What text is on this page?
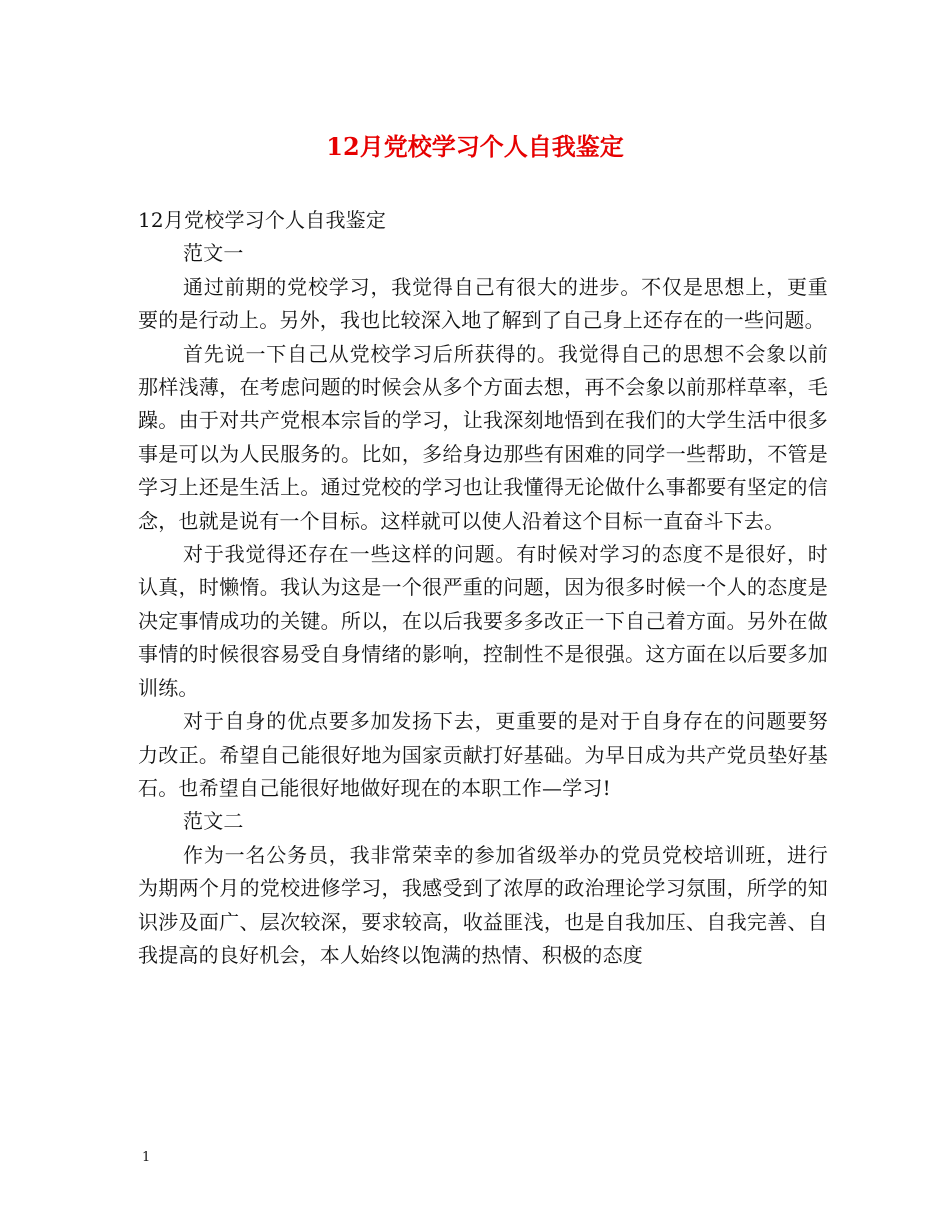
12月党校学习个人自我鉴定

12月党校学习个人自我鉴定

范文一

通过前期的党校学习，我觉得自己有很大的进步。不仅是思想上，更重要的是行动上。另外，我也比较深入地了解到了自己身上还存在的一些问题。

首先说一下自己从党校学习后所获得的。我觉得自己的思想不会象以前那样浅薄，在考虑问题的时候会从多个方面去想，再不会象以前那样草率，毛躁。由于对共产党根本宗旨的学习，让我深刻地悟到在我们的大学生活中很多事是可以为人民服务的。比如，多给身边那些有困难的同学一些帮助，不管是学习上还是生活上。通过党校的学习也让我懂得无论做什么事都要有坚定的信念，也就是说有一个目标。这样就可以使人沿着这个目标一直奋斗下去。

对于我觉得还存在一些这样的问题。有时候对学习的态度不是很好，时认真，时懒惰。我认为这是一个很严重的问题，因为很多时候一个人的态度是决定事情成功的关键。所以，在以后我要多多改正一下自己着方面。另外在做事情的时候很容易受自身情绪的影响，控制性不是很强。这方面在以后要多加训练。

对于自身的优点要多加发扬下去，更重要的是对于自身存在的问题要努力改正。希望自己能很好地为国家贡献打好基础。为早日成为共产党员垫好基石。也希望自己能很好地做好现在的本职工作—学习!

范文二

作为一名公务员，我非常荣幸的参加省级举办的党员党校培训班，进行为期两个月的党校进修学习，我感受到了浓厚的政治理论学习氛围，所学的知识涉及面广、层次较深，要求较高，收益匪浅，也是自我加压、自我完善、自我提高的良好机会，本人始终以饱满的热情、积极的态度

1
